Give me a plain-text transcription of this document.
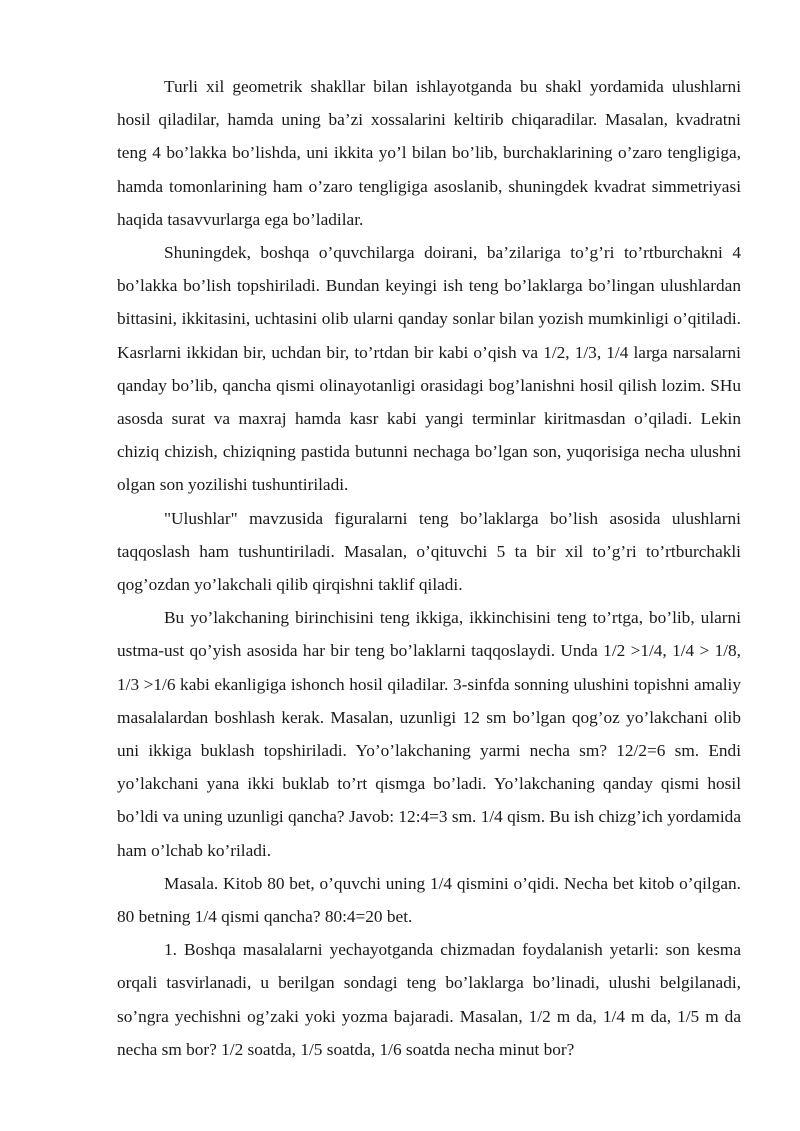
Turli xil geometrik shakllar bilan ishlayotganda bu shakl yordamida ulushlarni hosil qiladilar, hamda uning ba’zi xossalarini keltirib chiqaradilar. Masalan, kvadratni teng 4 bo’lakka bo’lishda, uni ikkita yo’l bilan bo’lib, burchaklarining o’zaro tengligiga, hamda tomonlarining ham o’zaro tengligiga asoslanib, shuningdek kvadrat simmetriyasi haqida tasavvurlarga ega bo’ladilar.

Shuningdek, boshqa o’quvchilarga doirani, ba’zilariga to’g’ri to’rtburchakni 4 bo’lakka bo’lish topshiriladi. Bundan keyingi ish teng bo’laklarga bo’lingan ulushlardan bittasini, ikkitasini, uchtasini olib ularni qanday sonlar bilan yozish mumkinligi o’qitiladi. Kasrlarni ikkidan bir, uchdan bir, to’rtdan bir kabi o’qish va 1/2, 1/3, 1/4 larga narsalarni qanday bo’lib, qancha qismi olinayotanligi orasidagi bog’lanishni hosil qilish lozim. SHu asosda surat va maxraj hamda kasr kabi yangi terminlar kiritmasdan o’qiladi. Lekin chiziq chizish, chiziqning pastida butunni nechaga bo’lgan son, yuqorisiga necha ulushni olgan son yozilishi tushuntiriladi.

"Ulushlar" mavzusida figuralarni teng bo’laklarga bo’lish asosida ulushlarni taqqoslash ham tushuntiriladi. Masalan, o’qituvchi 5 ta bir xil to’g’ri to’rtburchakli qog’ozdan yo’lakchali qilib qirqishni taklif qiladi.

Bu yo’lakchaning birinchisini teng ikkiga, ikkinchisini teng to’rtga, bo’lib, ularni ustma-ust qo’yish asosida har bir teng bo’laklarni taqqoslaydi. Unda 1/2 >1/4, 1/4 > 1/8, 1/3 >1/6 kabi ekanligiga ishonch hosil qiladilar. 3-sinfda sonning ulushini topishni amaliy masalalardan boshlash kerak. Masalan, uzunligi 12 sm bo’lgan qog’oz yo’lakchani olib uni ikkiga buklash topshiriladi. Yo’o’lakchaning yarmi necha sm? 12/2=6 sm. Endi yo’lakchani yana ikki buklab to’rt qismga bo’ladi. Yo’lakchaning qanday qismi hosil bo’ldi va uning uzunligi qancha? Javob: 12:4=3 sm. 1/4 qism. Bu ish chizg’ich yordamida ham o’lchab ko’riladi.

Masala. Kitob 80 bet, o’quvchi uning 1/4 qismini o’qidi. Necha bet kitob o’qilgan. 80 betning 1/4 qismi qancha? 80:4=20 bet.

1. Boshqa masalalarni yechayotganda chizmadan foydalanish yetarli: son kesma orqali tasvirlanadi, u berilgan sondagi teng bo’laklarga bo’linadi, ulushi belgilanadi, so’ngra yechishni og’zaki yoki yozma bajaradi. Masalan, 1/2 m da, 1/4 m da, 1/5 m da necha sm bor? 1/2 soatda, 1/5 soatda, 1/6 soatda necha minut bor?
